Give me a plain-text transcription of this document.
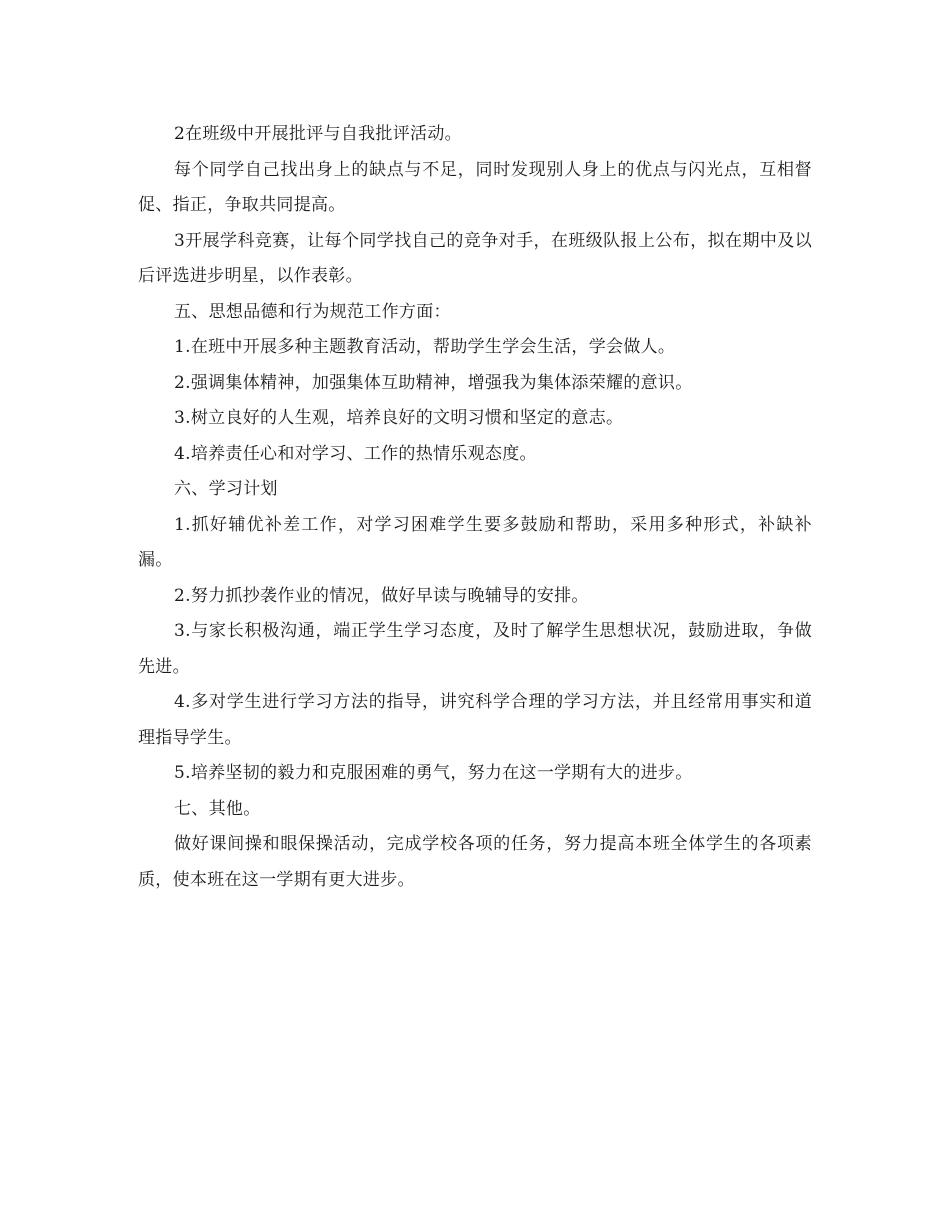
2在班级中开展批评与自我批评活动。

每个同学自己找出身上的缺点与不足，同时发现别人身上的优点与闪光点，互相督促、指正，争取共同提高。

3开展学科竞赛，让每个同学找自己的竞争对手，在班级队报上公布，拟在期中及以后评选进步明星，以作表彰。

五、思想品德和行为规范工作方面：

1.在班中开展多种主题教育活动，帮助学生学会生活，学会做人。

2.强调集体精神，加强集体互助精神，增强我为集体添荣耀的意识。

3.树立良好的人生观，培养良好的文明习惯和坚定的意志。

4.培养责任心和对学习、工作的热情乐观态度。

六、学习计划

1.抓好辅优补差工作，对学习困难学生要多鼓励和帮助，采用多种形式，补缺补漏。

2.努力抓抄袭作业的情况，做好早读与晚辅导的安排。

3.与家长积极沟通，端正学生学习态度，及时了解学生思想状况，鼓励进取，争做先进。

4.多对学生进行学习方法的指导，讲究科学合理的学习方法，并且经常用事实和道理指导学生。

5.培养坚韧的毅力和克服困难的勇气，努力在这一学期有大的进步。

七、其他。

做好课间操和眼保操活动，完成学校各项的任务，努力提高本班全体学生的各项素质，使本班在这一学期有更大进步。
